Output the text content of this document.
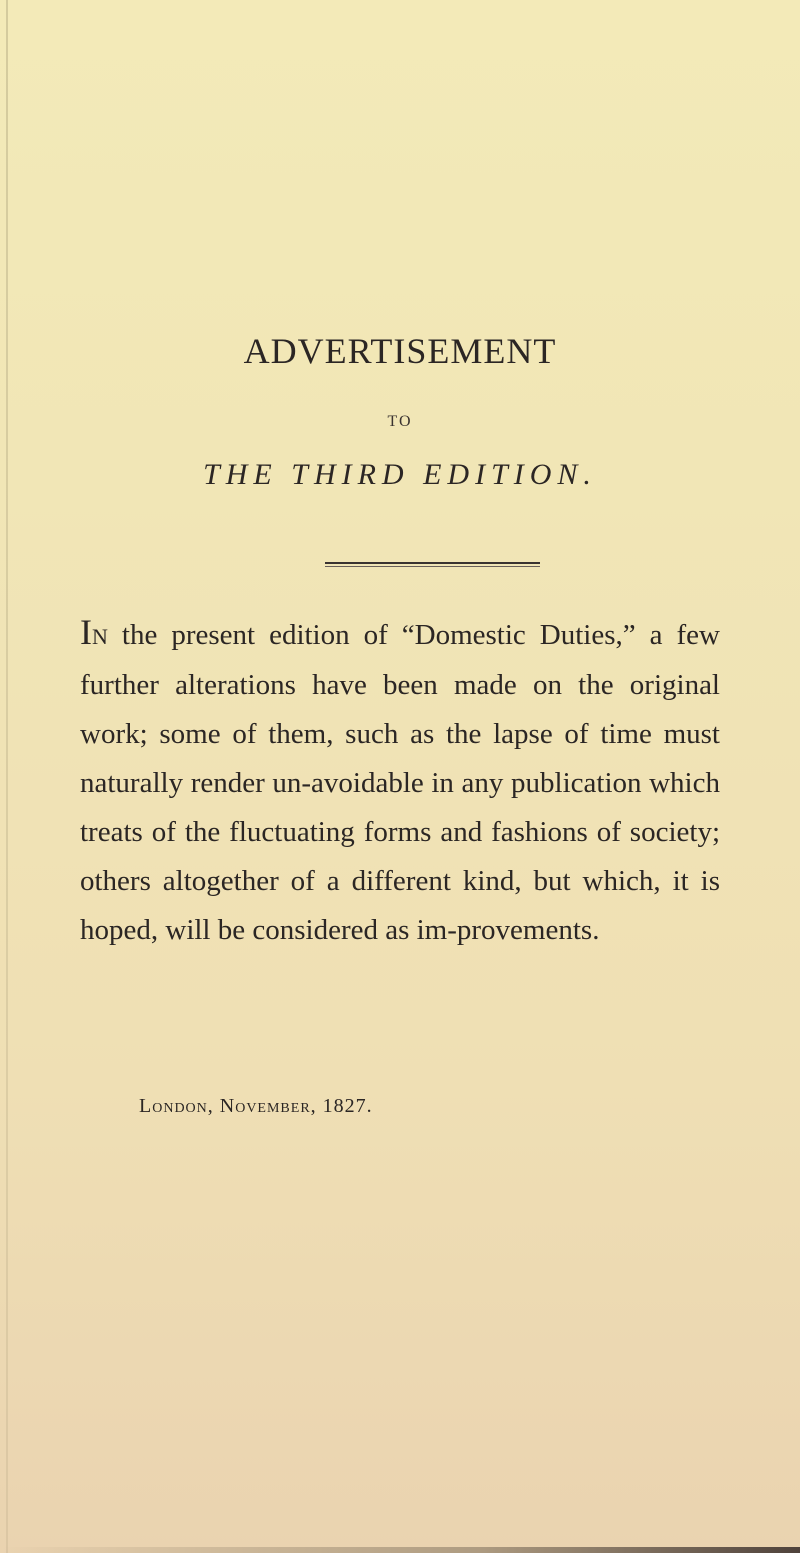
ADVERTISEMENT
TO
THE THIRD EDITION.
IN the present edition of “Domestic Duties,” a few further alterations have been made on the original work; some of them, such as the lapse of time must naturally render un-avoidable in any publication which treats of the fluctuating forms and fashions of society; others altogether of a different kind, but which, it is hoped, will be considered as im-provements.
London, November, 1827.
